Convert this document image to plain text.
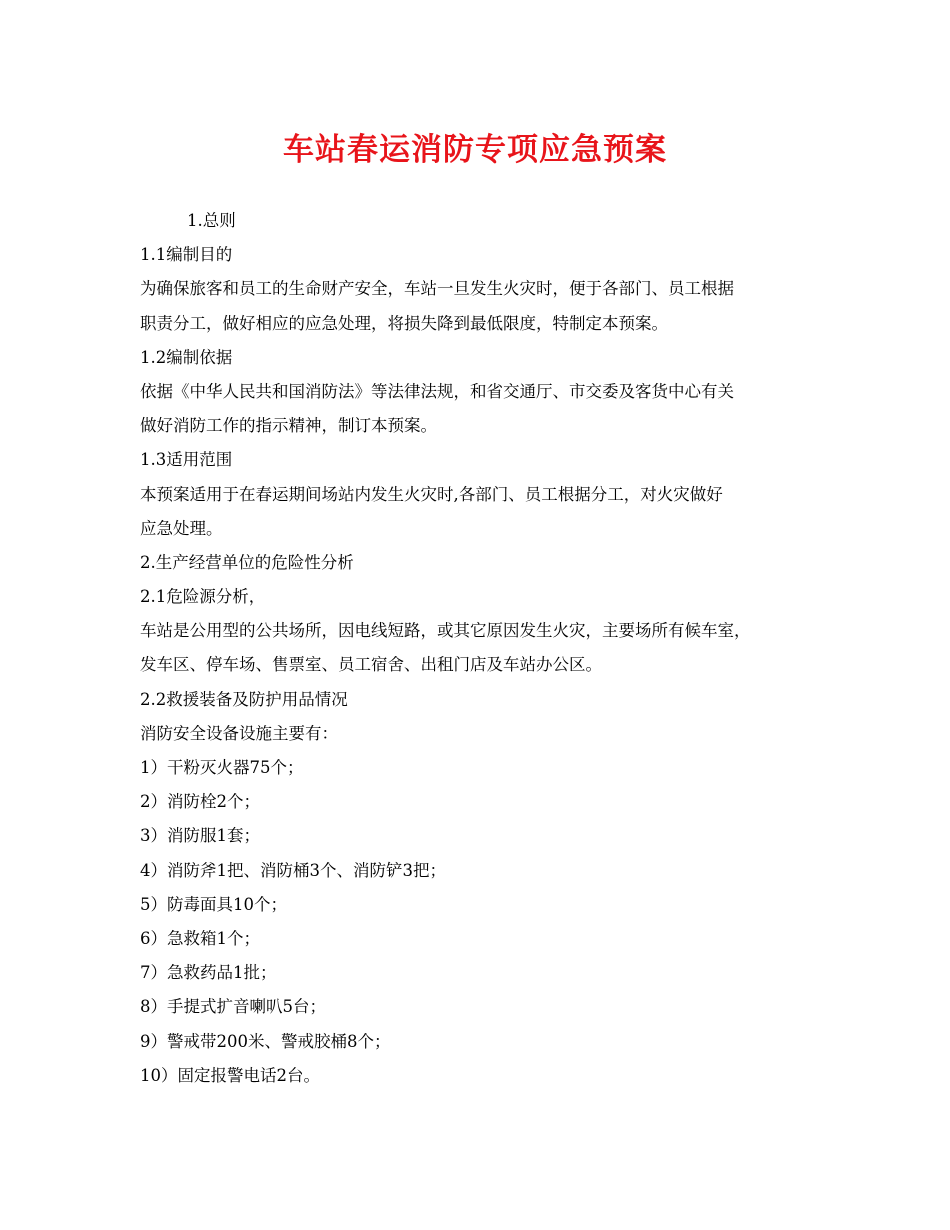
车站春运消防专项应急预案

1.总则

1.1编制目的

为确保旅客和员工的生命财产安全，车站一旦发生火灾时，便于各部门、员工根据

职责分工，做好相应的应急处理，将损失降到最低限度，特制定本预案。

1.2编制依据

依据《中华人民共和国消防法》等法律法规，和省交通厅、市交委及客货中心有关

做好消防工作的指示精神，制订本预案。

1.3适用范围

本预案适用于在春运期间场站内发生火灾时,各部门、员工根据分工，对火灾做好

应急处理。

2.生产经营单位的危险性分析

2.1危险源分析，

车站是公用型的公共场所，因电线短路，或其它原因发生火灾，主要场所有候车室，

发车区、停车场、售票室、员工宿舍、出租门店及车站办公区。

2.2救援装备及防护用品情况

消防安全设备设施主要有：

1）干粉灭火器75个；

2）消防栓2个；

3）消防服1套；

4）消防斧1把、消防桶3个、消防铲3把；

5）防毒面具10个；

6）急救箱1个；

7）急救药品1批；

8）手提式扩音喇叭5台；

9）警戒带200米、警戒胶桶8个；

10）固定报警电话2台。
